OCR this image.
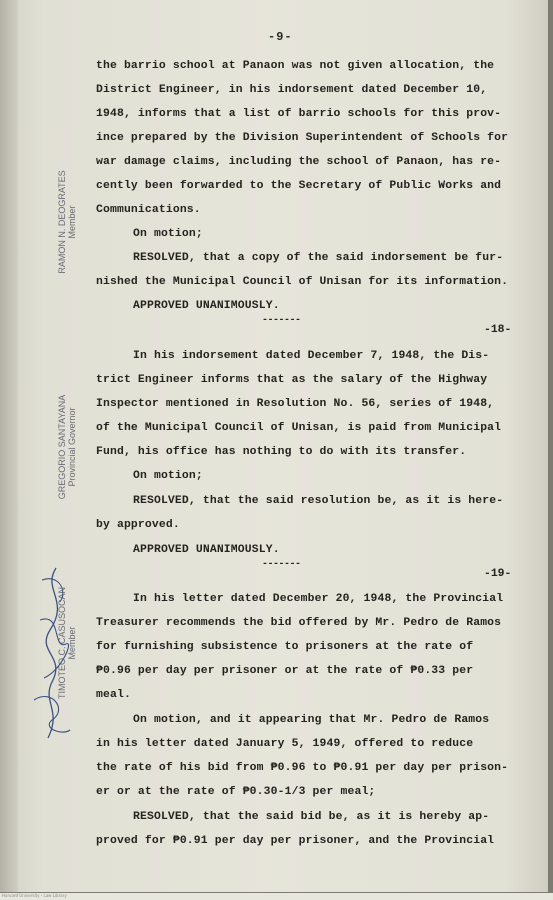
-9-
the barrio school at Panaon was not given allocation, the
District Engineer, in his indorsement dated December 10,
1948, informs that a list of barrio schools for this prov-
ince prepared by the Division Superintendent of Schools for
war damage claims, including the school of Panaon, has re-
cently been forwarded to the Secretary of Public Works and
Communications.
On motion;
RESOLVED, that a copy of the said indorsement be fur-
nished the Municipal Council of Unisan for its information.
APPROVED UNANIMOUSLY.
In his indorsement dated December 7, 1948, the Dis-
trict Engineer informs that as the salary of the Highway
Inspector mentioned in Resolution No. 56, series of 1948,
of the Municipal Council of Unisan, is paid from Municipal
Fund, his office has nothing to do with its transfer.
On motion;
RESOLVED, that the said resolution be, as it is here-
by approved.
APPROVED UNANIMOUSLY.
In his letter dated December 20, 1948, the Provincial
Treasurer recommends the bid offered by Mr. Pedro de Ramos
for furnishing subsistence to prisoners at the rate of
₱0.96 per day per prisoner or at the rate of ₱0.33 per
meal.
On motion, and it appearing that Mr. Pedro de Ramos
in his letter dated January 5, 1949, offered to reduce
the rate of his bid from ₱0.96 to ₱0.91 per day per prison-
er or at the rate of ₱0.30-1/3 per meal;
RESOLVED, that the said bid be, as it is hereby ap-
proved for ₱0.91 per day per prisoner, and the Provincial
-18-
-19-
-------
-------
RAMON N. DEOGRATES Member
GREGORIO SANTAYANA Provincial Governor
TIMOTEO C. CASUSOCAN Member
Harvard University - Law Library
